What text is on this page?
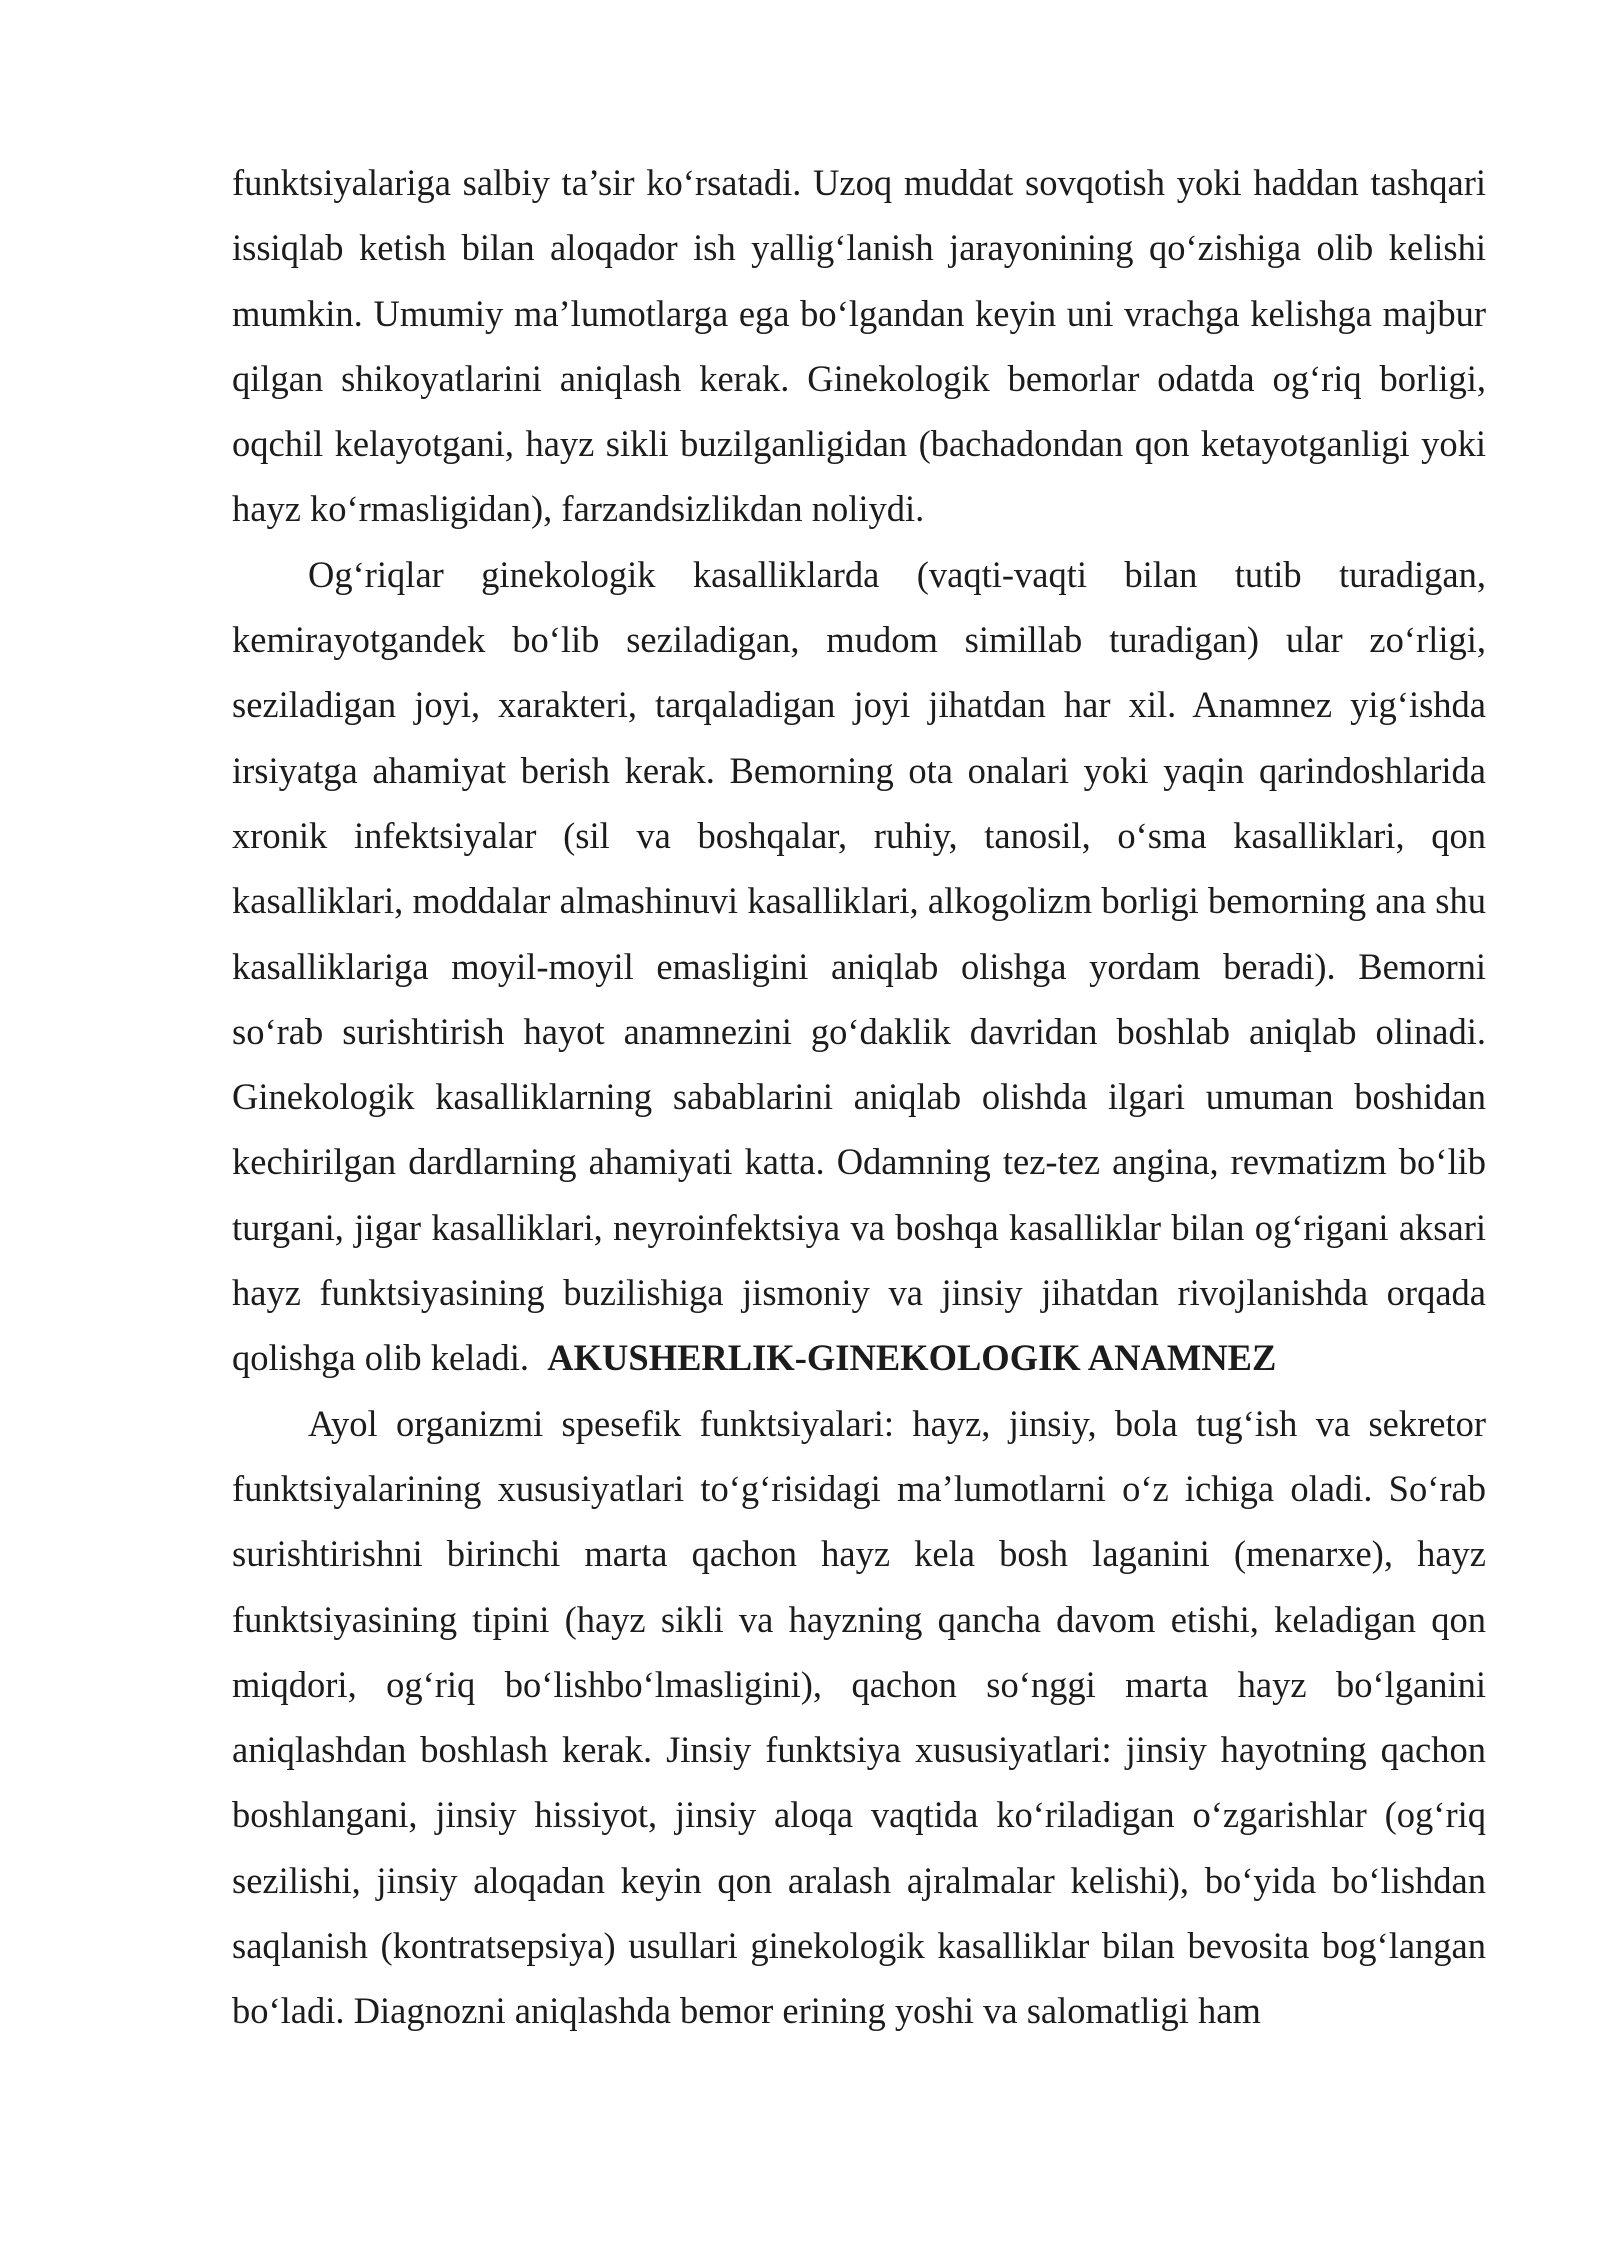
funktsiyalariga salbiy ta’sir ko‘rsatadi. Uzoq muddat sovqotish yoki haddan tashqari issiqlab ketish bilan aloqador ish yallig‘lanish jarayonining qo‘zishiga olib kelishi mumkin. Umumiy ma’lumotlarga ega bo‘lgandan keyin uni vrachga kelishga majbur qilgan shikoyatlarini aniqlash kerak. Ginekologik bemorlar odatda og‘riq borligi, oqchil kelayotgani, hayz sikli buzilganligidan (bachadondan qon ketayotganligi yoki hayz ko‘rmasligidan), farzandsizlikdan noliydi.

Og‘riqlar ginekologik kasalliklarda (vaqti-vaqti bilan tutib turadigan, kemirayotgandek bo‘lib seziladigan, mudom simillab turadigan) ular zo‘rligi, seziladigan joyi, xarakteri, tarqaladigan joyi jihatdan har xil. Anamnez yig‘ishda irsiyatga ahamiyat berish kerak. Bemorning ota onalari yoki yaqin qarindoshlarida xronik infektsiyalar (sil va boshqalar, ruhiy, tanosil, o‘sma kasalliklari, qon kasalliklari, moddalar almashinuvi kasalliklari, alkogolizm borligi bemorning ana shu kasalliklariga moyil-moyil emasligini aniqlab olishga yordam beradi). Bemorni so‘rab surishtirish hayot anamnezini go‘daklik davridan boshlab aniqlab olinadi. Ginekologik kasalliklarning sabablarini aniqlab olishda ilgari umuman boshidan kechirilgan dardlarning ahamiyati katta. Odamning tez-tez angina, revmatizm bo‘lib turgani, jigar kasalliklari, neyroinfektsiya va boshqa kasalliklar bilan og‘rigani aksari hayz funktsiyasining buzilishiga jismoniy va jinsiy jihatdan rivojlanishda orqada qolishga olib keladi. AKUSHERLIK-GINEKOLOGIK ANAMNEZ

Ayol organizmi spesefik funktsiyalari: hayz, jinsiy, bola tug‘ish va sekretor funktsiyalarining xususiyatlari to‘g‘risidagi ma’lumotlarni o‘z ichiga oladi. So‘rab surishtirishni birinchi marta qachon hayz kela bosh laganini (menarxe), hayz funktsiyasining tipini (hayz sikli va hayzning qancha davom etishi, keladigan qon miqdori, og‘riq bo‘lishbo‘lmasligini), qachon so‘nggi marta hayz bo‘lganini aniqlashdan boshlash kerak. Jinsiy funktsiya xususiyatlari: jinsiy hayotning qachon boshlangani, jinsiy hissiyot, jinsiy aloqa vaqtida ko‘riladigan o‘zgarishlar (og‘riq sezilishi, jinsiy aloqadan keyin qon aralash ajralmalar kelishi), bo‘yida bo‘lishdan saqlanish (kontratsepsiya) usullari ginekologik kasalliklar bilan bevosita bog‘langan bo‘ladi. Diagnozni aniqlashda bemor erining yoshi va salomatligi ham
